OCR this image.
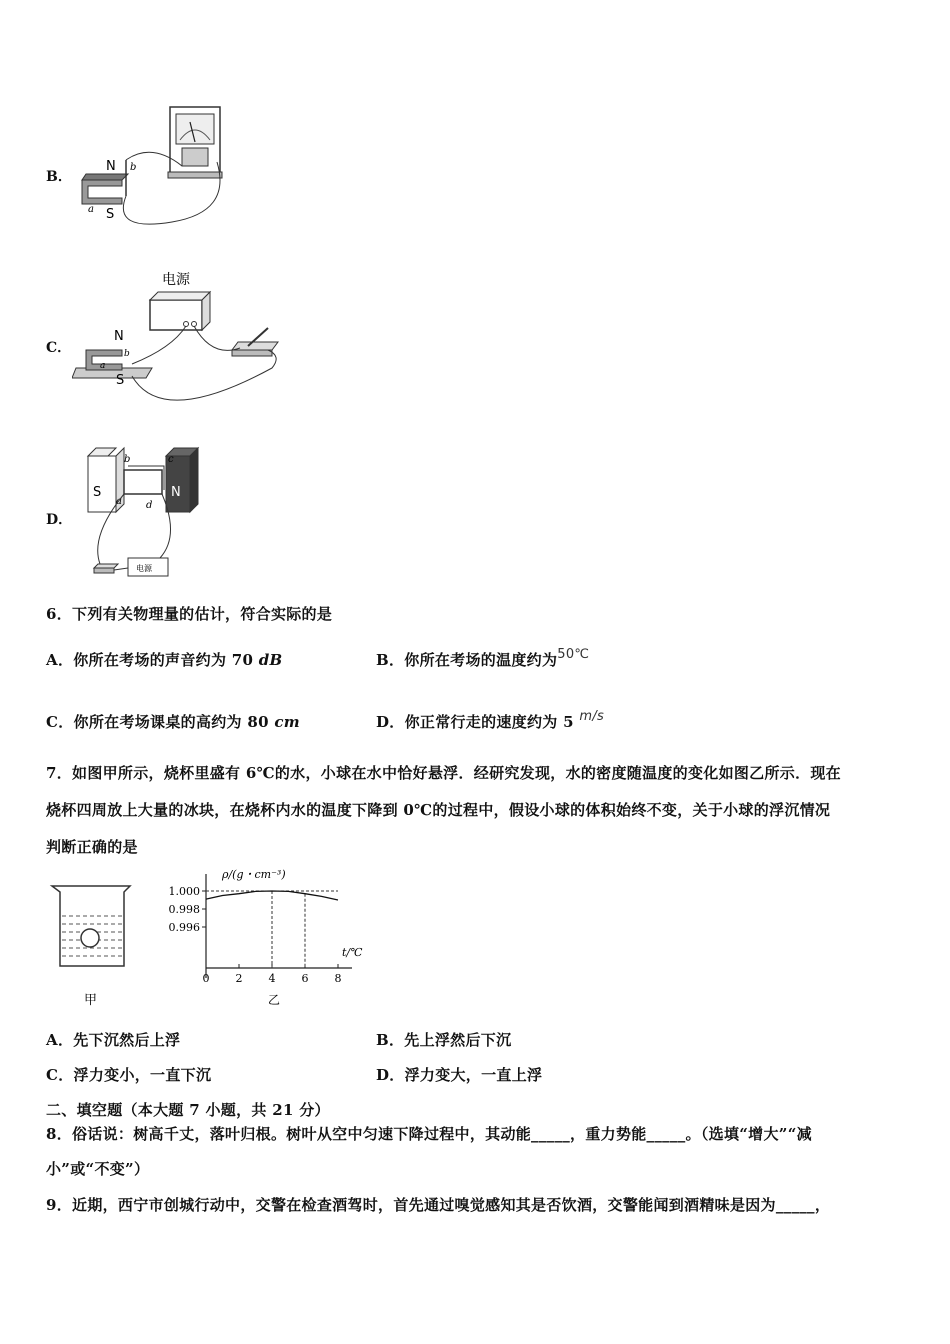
B．
N
S
b
a
C．
电源
N
S
b
a
D．
S	N
b	c
a d
电源
6．下列有关物理量的估计，符合实际的是
A．你所在考场的声音约为 70 dB	B．你所在考场的温度约为50℃
C．你所在考场课桌的高约为 80 cm	D．你正常行走的速度约为 5 m/s
7．如图甲所示，烧杯里盛有 6℃的水，小球在水中恰好悬浮．经研究发现，水的密度随温度的变化如图乙所示．现在
烧杯四周放上大量的冰块，在烧杯内水的温度下降到 0℃的过程中，假设小球的体积始终不变，关于小球的浮沉情况
判断正确的是
甲
1.000
0.998
0.996
0 2 4 6 8
ρ/(g・cm⁻³)
t/℃
乙
A．先下沉然后上浮	B．先上浮然后下沉
C．浮力变小，一直下沉	D．浮力变大，一直上浮
二、填空题（本大题 7 小题，共 21 分）
8．俗话说：树高千丈，落叶归根。树叶从空中匀速下降过程中，其动能_____，重力势能_____。（选填“增大”“减
小”或“不变”）
9．近期，西宁市创城行动中，交警在检查酒驾时，首先通过嗅觉感知其是否饮酒，交警能闻到酒精味是因为_____，
